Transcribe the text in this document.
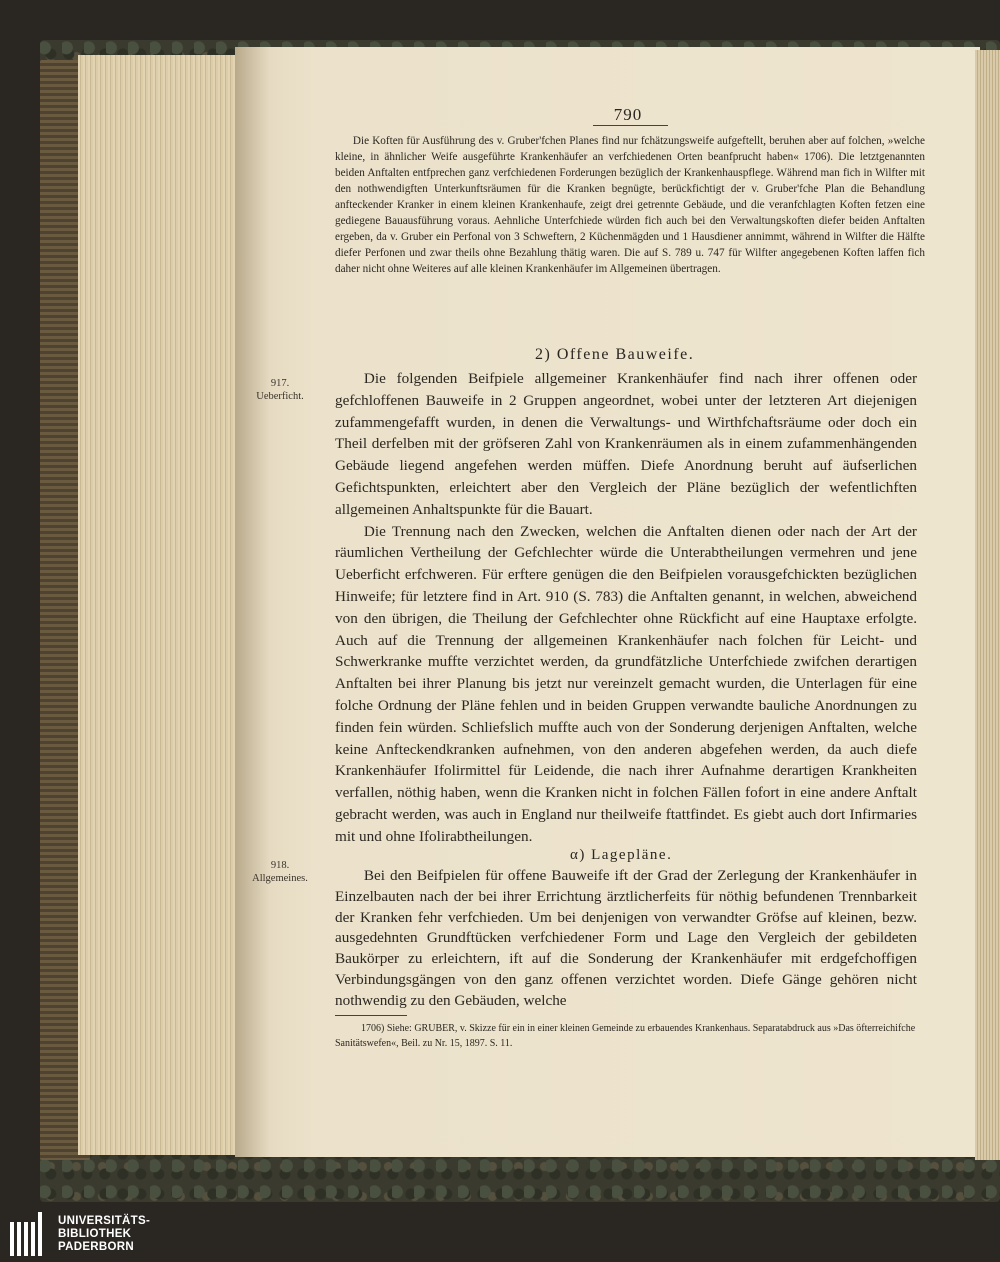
790

Die Koften für Ausführung des v. Gruber'fchen Planes find nur fchätzungsweife aufgeftellt, beruhen aber auf folchen, »welche kleine, in ähnlicher Weife ausgeführte Krankenhäufer an verfchiedenen Orten beanfprucht haben« 1706). Die letztgenannten beiden Anftalten entfprechen ganz verfchiedenen Forderungen bezüglich der Krankenhauspflege. Während man fich in Wilfter mit den nothwendigften Unterkunftsräumen für die Kranken begnügte, berückfichtigt der v. Gruber'fche Plan die Behandlung anfteckender Kranker in einem kleinen Krankenhaufe, zeigt drei getrennte Gebäude, und die veranfchlagten Koften fetzen eine gediegene Bauausführung voraus. Aehnliche Unterfchiede würden fich auch bei den Verwaltungskoften diefer beiden Anftalten ergeben, da v. Gruber ein Perfonal von 3 Schweftern, 2 Küchenmägden und 1 Hausdiener annimmt, während in Wilfter die Hälfte diefer Perfonen und zwar theils ohne Bezahlung thätig waren. Die auf S. 789 u. 747 für Wilfter angegebenen Koften laffen fich daher nicht ohne Weiteres auf alle kleinen Krankenhäufer im Allgemeinen übertragen.

2) Offene Bauweife.
917.
Ueberficht.

Die folgenden Beifpiele allgemeiner Krankenhäufer find nach ihrer offenen oder gefchloffenen Bauweife in 2 Gruppen angeordnet, wobei unter der letzteren Art diejenigen zufammengefafft wurden, in denen die Verwaltungs- und Wirthfchaftsräume oder doch ein Theil derfelben mit der gröfseren Zahl von Krankenräumen als in einem zufammenhängenden Gebäude liegend angefehen werden müffen. Diefe Anordnung beruht auf äufserlichen Gefichtspunkten, erleichtert aber den Vergleich der Pläne bezüglich der wefentlichften allgemeinen Anhaltspunkte für die Bauart.

Die Trennung nach den Zwecken, welchen die Anftalten dienen oder nach der Art der räumlichen Vertheilung der Gefchlechter würde die Unterabtheilungen vermehren und jene Ueberficht erfchweren. Für erftere genügen die den Beifpielen vorausgefchickten bezüglichen Hinweife; für letztere find in Art. 910 (S. 783) die Anftalten genannt, in welchen, abweichend von den übrigen, die Theilung der Gefchlechter ohne Rückficht auf eine Hauptaxe erfolgte. Auch auf die Trennung der allgemeinen Krankenhäufer nach folchen für Leicht- und Schwerkranke muffte verzichtet werden, da grundfätzliche Unterfchiede zwifchen derartigen Anftalten bei ihrer Planung bis jetzt nur vereinzelt gemacht wurden, die Unterlagen für eine folche Ordnung der Pläne fehlen und in beiden Gruppen verwandte bauliche Anordnungen zu finden fein würden. Schliefslich muffte auch von der Sonderung derjenigen Anftalten, welche keine Anfteckendkranken aufnehmen, von den anderen abgefehen werden, da auch diefe Krankenhäufer Ifolirmittel für Leidende, die nach ihrer Aufnahme derartigen Krankheiten verfallen, nöthig haben, wenn die Kranken nicht in folchen Fällen fofort in eine andere Anftalt gebracht werden, was auch in England nur theilweife ftattfindet. Es giebt auch dort Infirmaries mit und ohne Ifolirabtheilungen.

α) Lagepläne.
918.
Allgemeines.	Bei den Beifpielen für offene Bauweife ift der Grad der Zerlegung der Krankenhäufer in Einzelbauten nach der bei ihrer Errichtung ärztlicherfeits für nöthig befundenen Trennbarkeit der Kranken fehr verfchieden. Um bei denjenigen von verwandter Gröfse auf kleinen, bezw. ausgedehnten Grundftücken verfchiedener Form und Lage den Vergleich der gebildeten Baukörper zu erleichtern, ift auf die Sonderung der Krankenhäufer mit erdgefchoffigen Verbindungsgängen von den ganz offenen verzichtet worden. Diefe Gänge gehören nicht nothwendig zu den Gebäuden, welche

1706) Siehe: GRUBER, v. Skizze für ein in einer kleinen Gemeinde zu erbauendes Krankenhaus. Separatabdruck aus »Das öfterreichifche Sanitätswefen«, Beil. zu Nr. 15, 1897. S. 11.

UNIVERSITÄTS-
BIBLIOTHEK
PADERBORN
